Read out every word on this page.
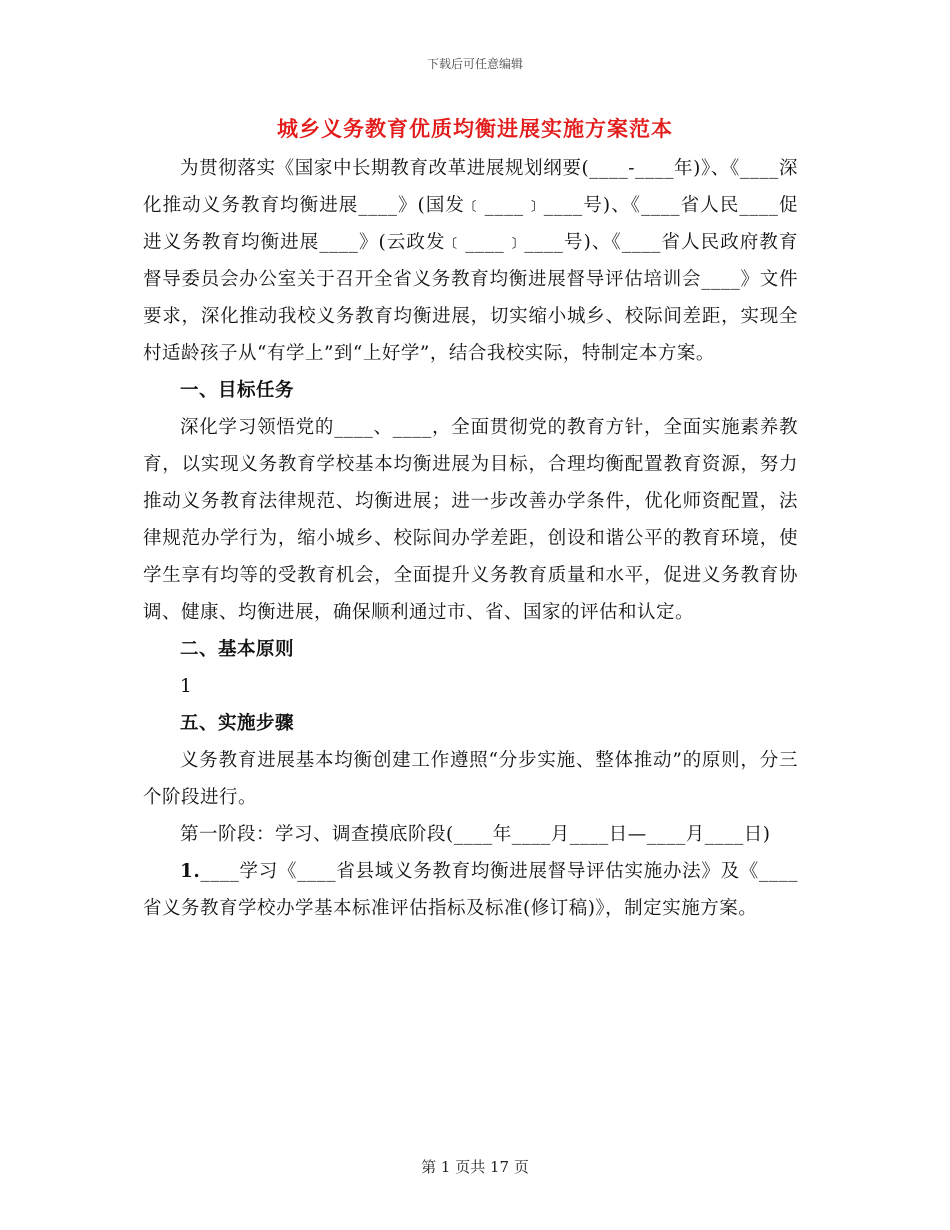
下载后可任意编辑
城乡义务教育优质均衡进展实施方案范本

为贯彻落实《国家中长期教育改革进展规划纲要(____-____年)》、《____深化推动义务教育均衡进展____》(国发﹝____﹞____号)、《____省人民____促进义务教育均衡进展____》(云政发﹝____﹞____号)、《____省人民政府教育督导委员会办公室关于召开全省义务教育均衡进展督导评估培训会____》文件要求，深化推动我校义务教育均衡进展，切实缩小城乡、校际间差距，实现全村适龄孩子从“有学上”到“上好学”，结合我校实际，特制定本方案。

一、目标任务

深化学习领悟党的____、____，全面贯彻党的教育方针，全面实施素养教育，以实现义务教育学校基本均衡进展为目标，合理均衡配置教育资源，努力推动义务教育法律规范、均衡进展；进一步改善办学条件，优化师资配置，法律规范办学行为，缩小城乡、校际间办学差距，创设和谐公平的教育环境，使学生享有均等的受教育机会，全面提升义务教育质量和水平，促进义务教育协调、健康、均衡进展，确保顺利通过市、省、国家的评估和认定。

二、基本原则

1

五、实施步骤

义务教育进展基本均衡创建工作遵照“分步实施、整体推动”的原则，分三个阶段进行。

第一阶段：学习、调查摸底阶段(____年____月____日—____月____日)

1.____学习《____省县域义务教育均衡进展督导评估实施办法》及《____省义务教育学校办学基本标准评估指标及标准(修订稿)》，制定实施方案。

第 1 页共 17 页
